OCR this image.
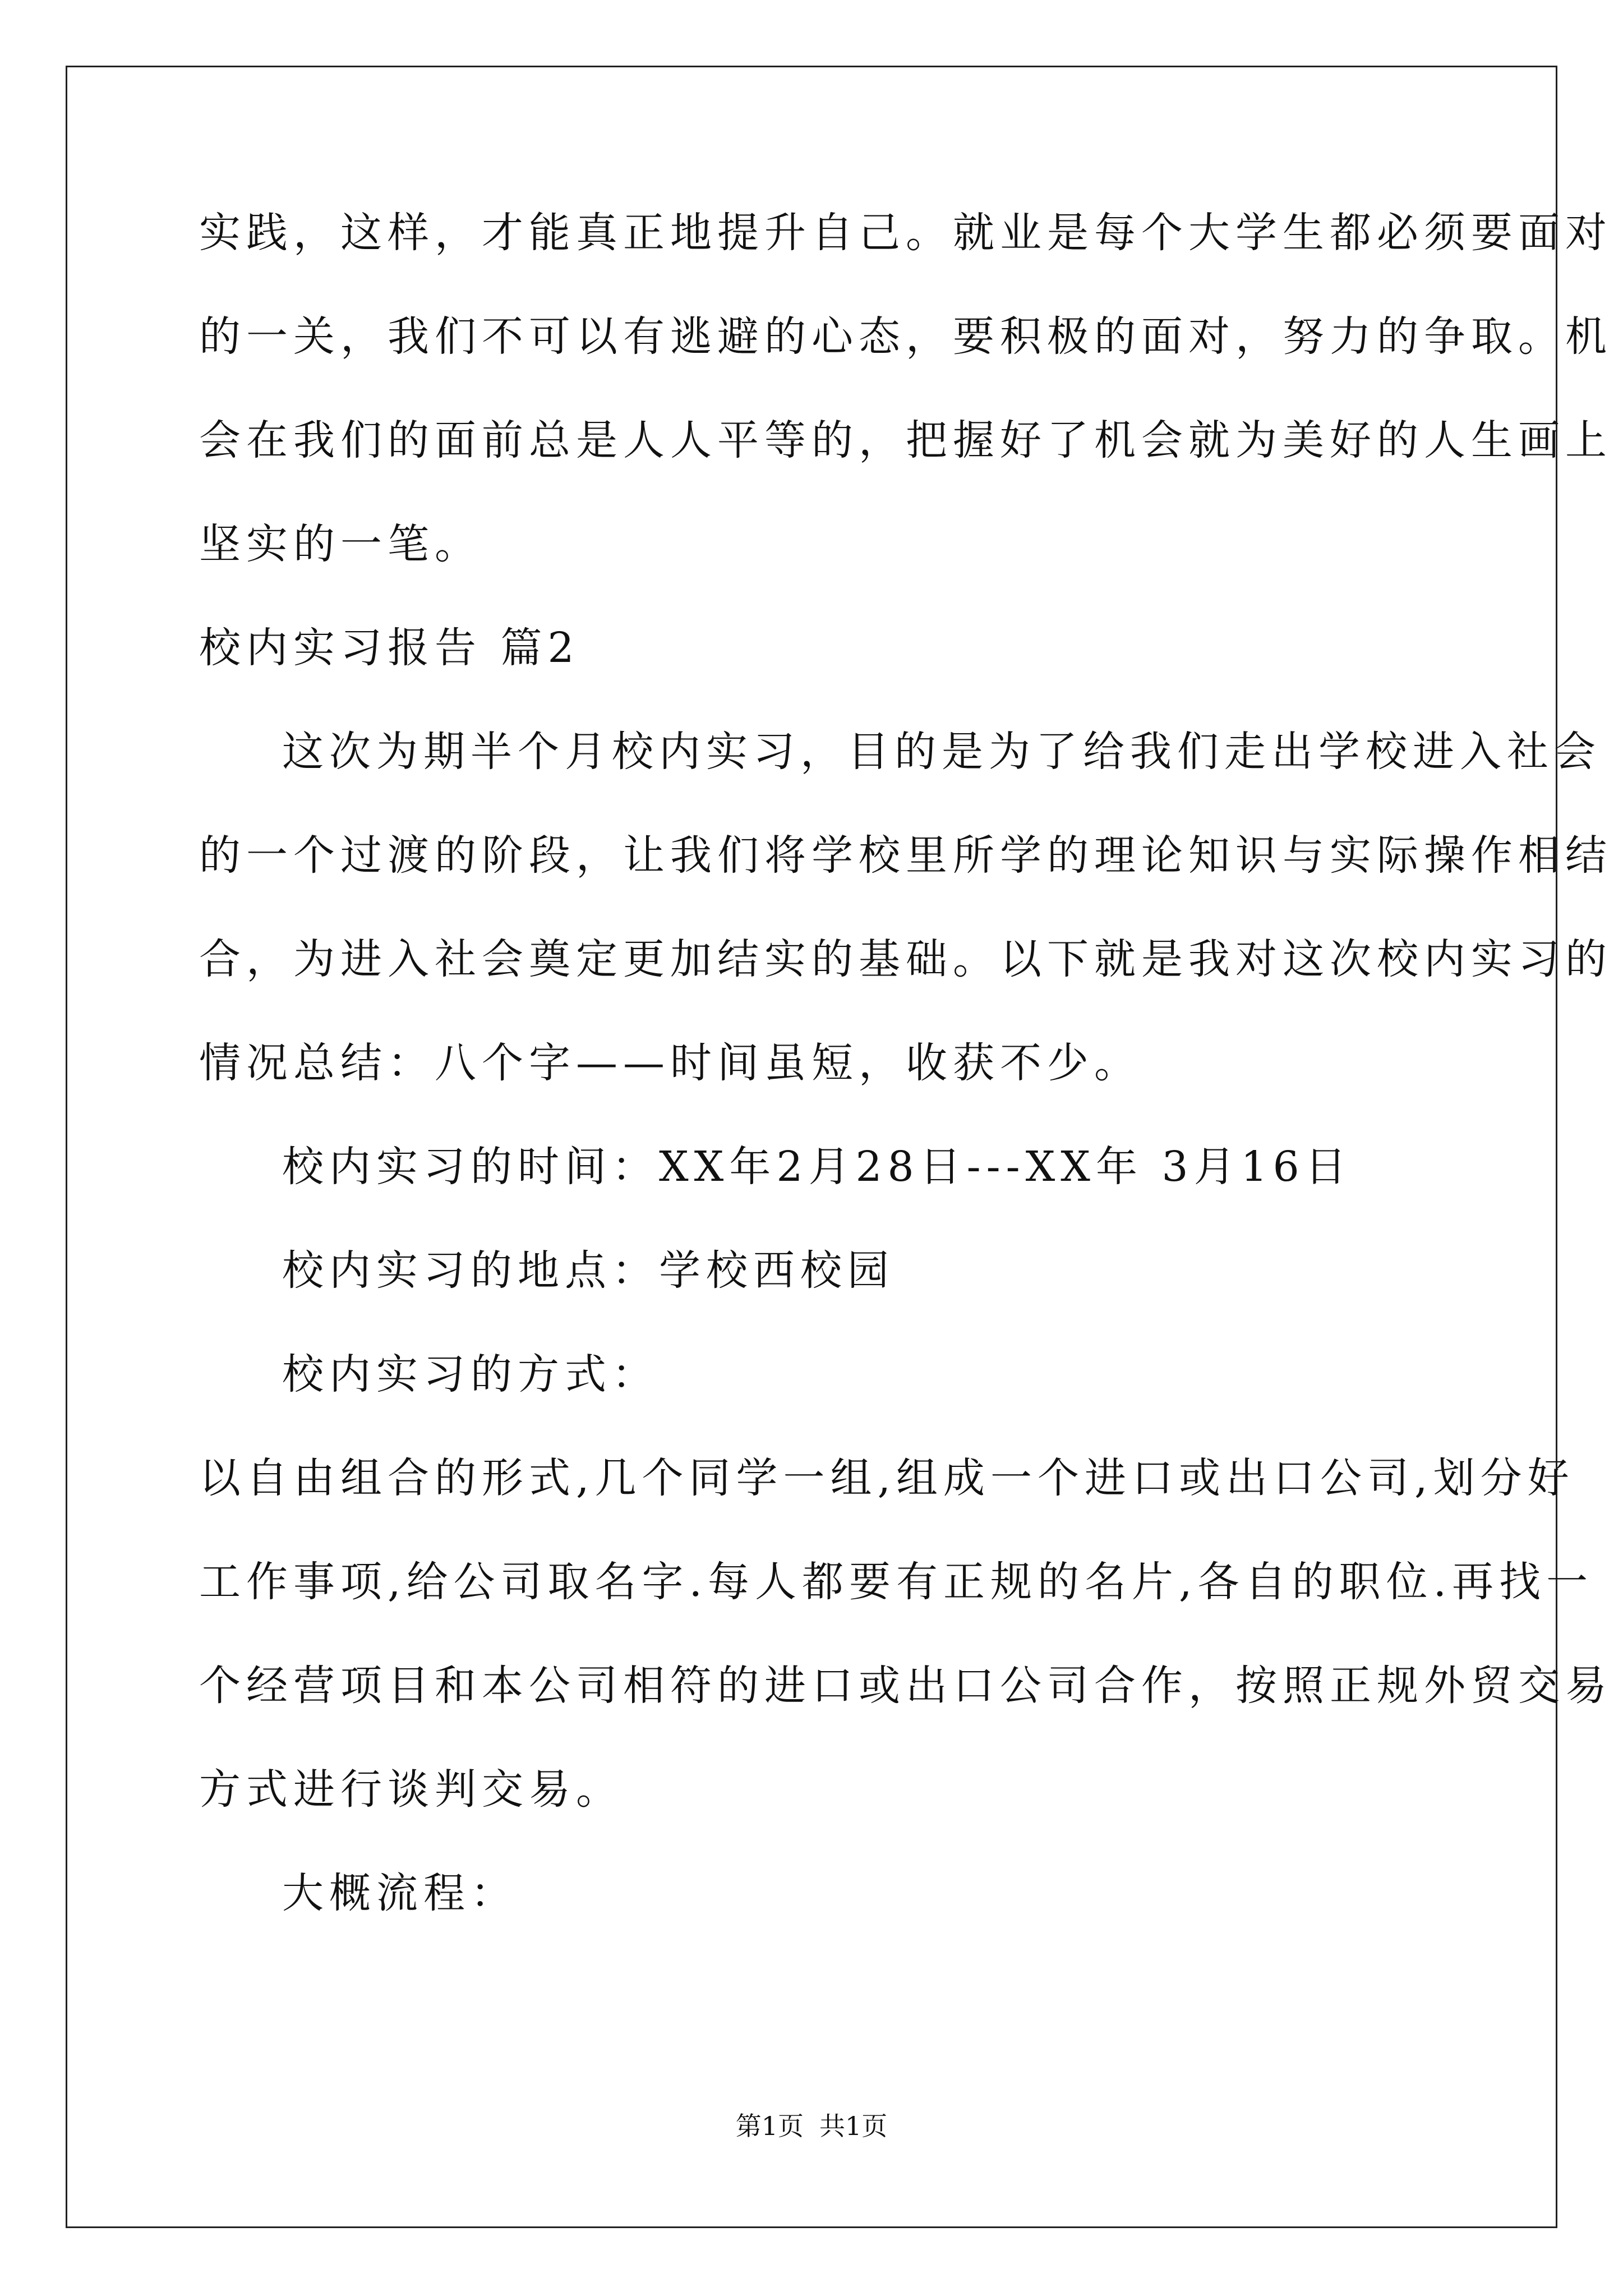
实践，这样，才能真正地提升自己。就业是每个大学生都必须要面对
的一关，我们不可以有逃避的心态，要积极的面对，努力的争取。机
会在我们的面前总是人人平等的，把握好了机会就为美好的人生画上
坚实的一笔。
校内实习报告 篇2
这次为期半个月校内实习，目的是为了给我们走出学校进入社会
的一个过渡的阶段，让我们将学校里所学的理论知识与实际操作相结
合，为进入社会奠定更加结实的基础。以下就是我对这次校内实习的
情况总结：八个字——时间虽短，收获不少。
校内实习的时间：XX年2月28日---XX年 3月16日
校内实习的地点：学校西校园
校内实习的方式：
以自由组合的形式,几个同学一组,组成一个进口或出口公司,划分好
工作事项,给公司取名字.每人都要有正规的名片,各自的职位.再找一
个经营项目和本公司相符的进口或出口公司合作，按照正规外贸交易
方式进行谈判交易。
大概流程：
第1页 共1页
